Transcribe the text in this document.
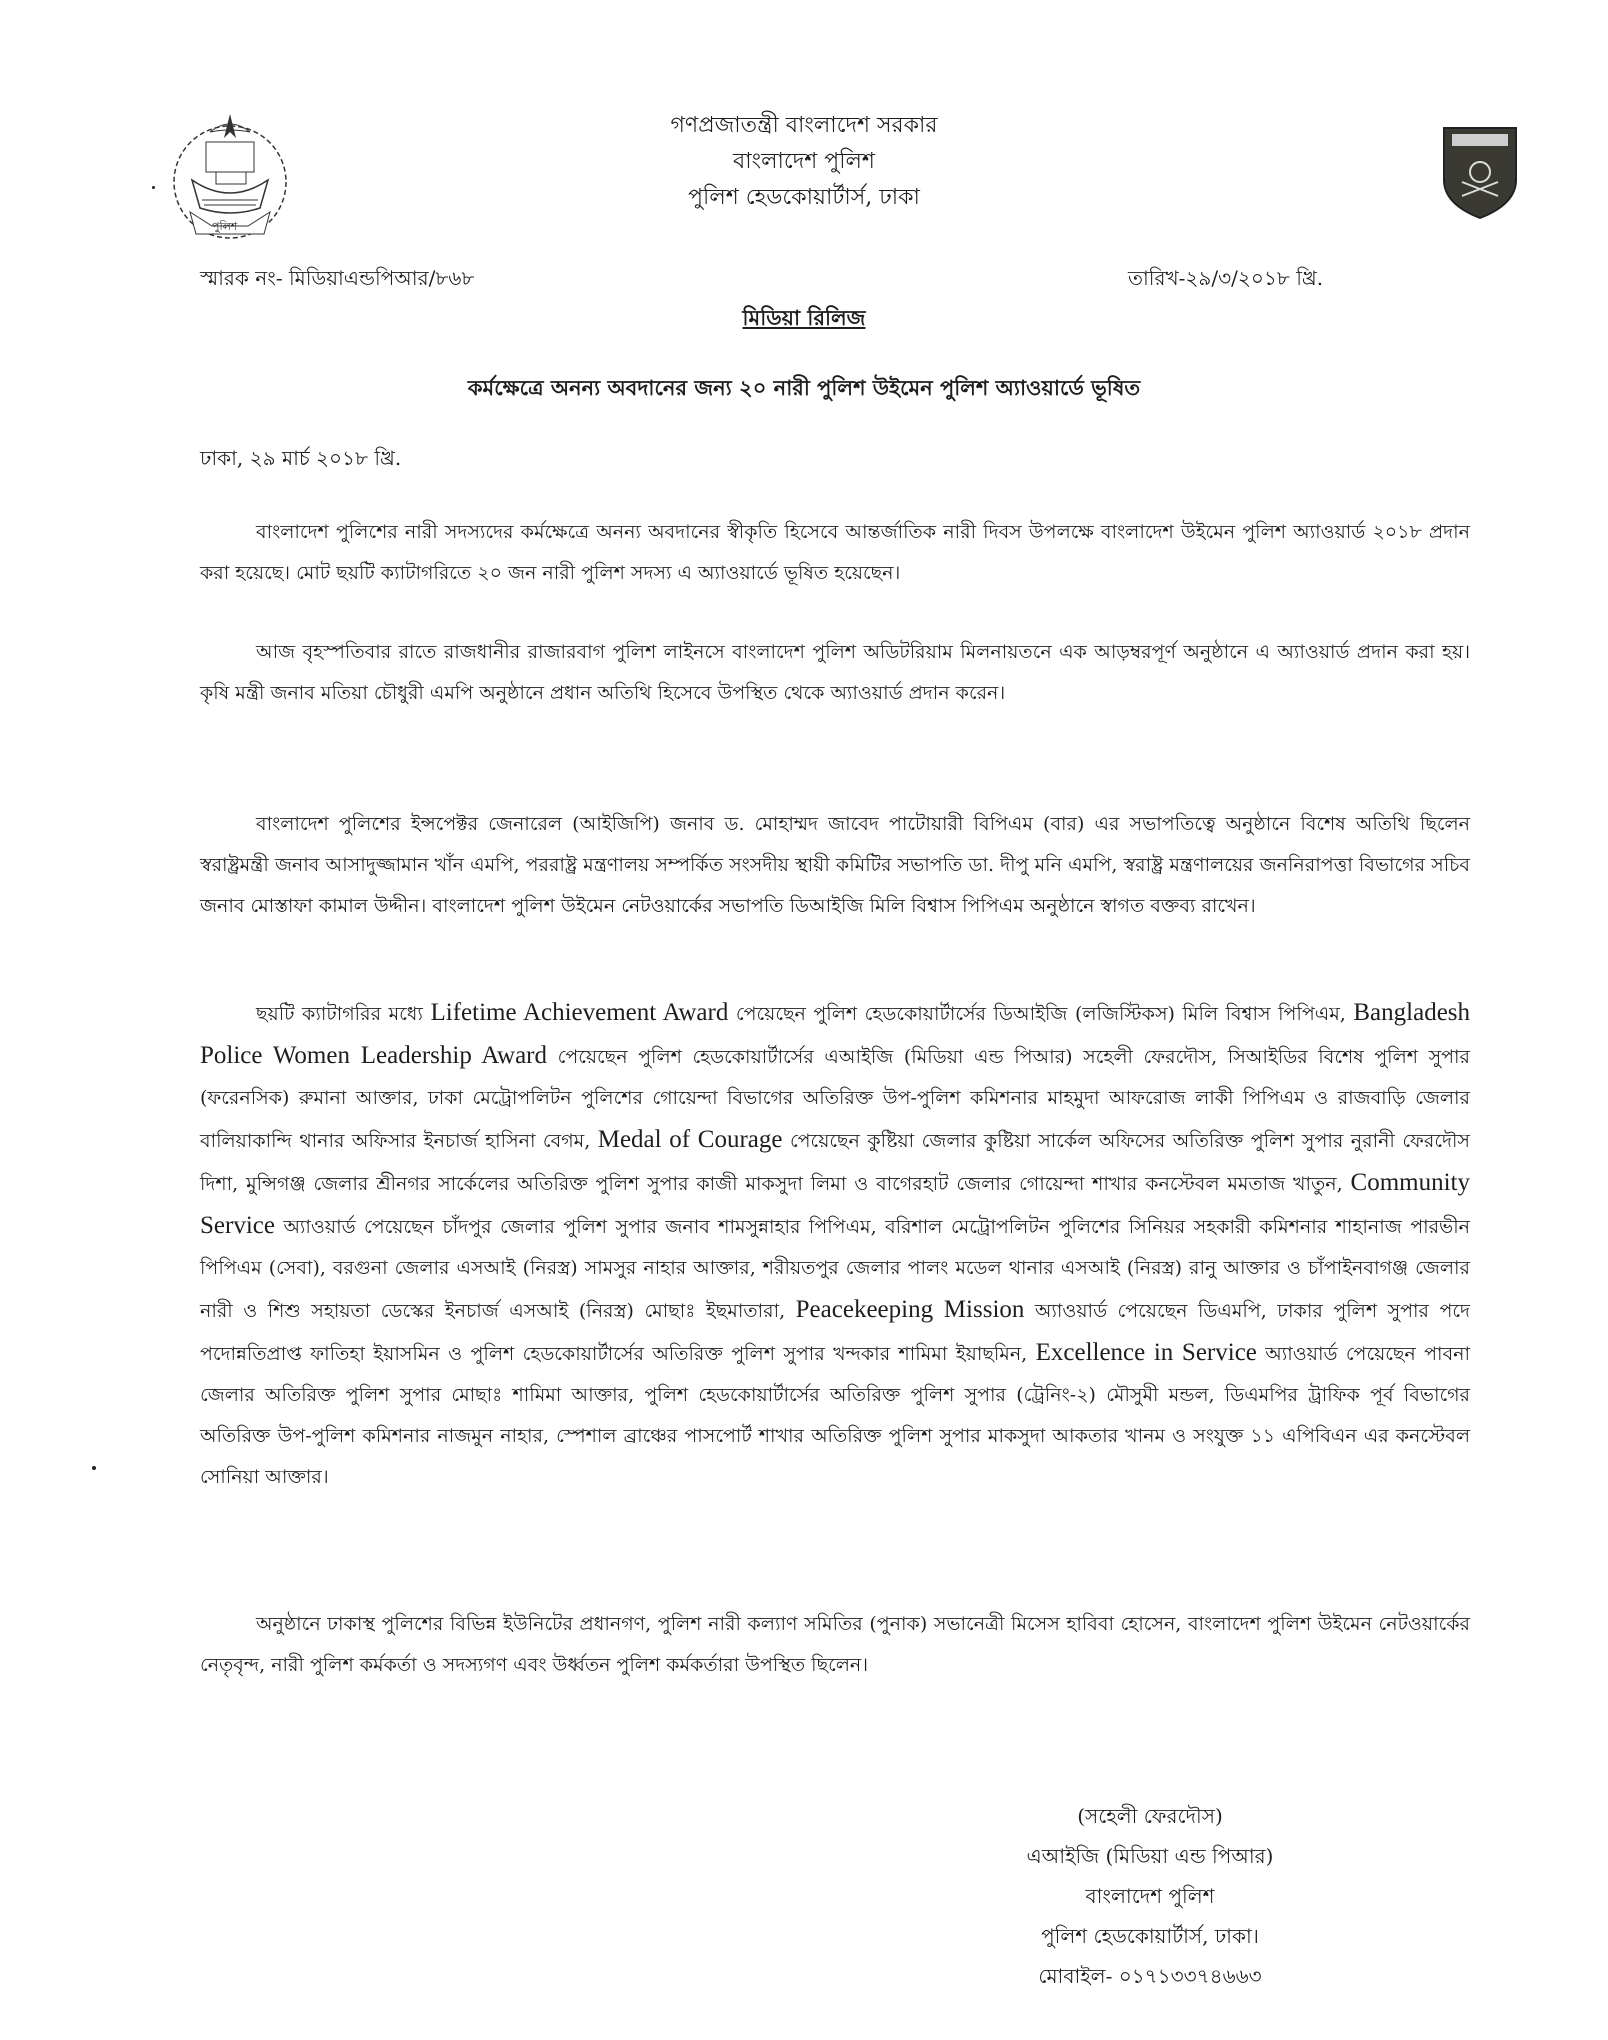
পুলিশ
গণপ্রজাতন্ত্রী বাংলাদেশ সরকার
বাংলাদেশ পুলিশ
পুলিশ হেডকোয়ার্টার্স, ঢাকা
স্মারক নং- মিডিয়াএন্ডপিআর/৮৬৮	তারিখ-২৯/৩/২০১৮ খ্রি.
মিডিয়া রিলিজ
কর্মক্ষেত্রে অনন্য অবদানের জন্য ২০ নারী পুলিশ উইমেন পুলিশ অ্যাওয়ার্ডে ভূষিত
ঢাকা, ২৯ মার্চ ২০১৮ খ্রি.
বাংলাদেশ পুলিশের নারী সদস্যদের কর্মক্ষেত্রে অনন্য অবদানের স্বীকৃতি হিসেবে আন্তর্জাতিক নারী দিবস উপলক্ষে বাংলাদেশ উইমেন পুলিশ অ্যাওয়ার্ড ২০১৮ প্রদান করা হয়েছে। মোট ছয়টি ক্যাটাগরিতে ২০ জন নারী পুলিশ সদস্য এ অ্যাওয়ার্ডে ভূষিত হয়েছেন।
আজ বৃহস্পতিবার রাতে রাজধানীর রাজারবাগ পুলিশ লাইনসে বাংলাদেশ পুলিশ অডিটরিয়াম মিলনায়তনে এক আড়ম্বরপূর্ণ অনুষ্ঠানে এ অ্যাওয়ার্ড প্রদান করা হয়। কৃষি মন্ত্রী জনাব মতিয়া চৌধুরী এমপি অনুষ্ঠানে প্রধান অতিথি হিসেবে উপস্থিত থেকে অ্যাওয়ার্ড প্রদান করেন।
বাংলাদেশ পুলিশের ইন্সপেক্টর জেনারেল (আইজিপি) জনাব ড. মোহাম্মদ জাবেদ পাটোয়ারী বিপিএম (বার) এর সভাপতিত্বে অনুষ্ঠানে বিশেষ অতিথি ছিলেন স্বরাষ্ট্রমন্ত্রী জনাব আসাদুজ্জামান খাঁন এমপি, পররাষ্ট্র মন্ত্রণালয় সম্পর্কিত সংসদীয় স্থায়ী কমিটির সভাপতি ডা. দীপু মনি এমপি, স্বরাষ্ট্র মন্ত্রণালয়ের জননিরাপত্তা বিভাগের সচিব জনাব মোস্তাফা কামাল উদ্দীন। বাংলাদেশ পুলিশ উইমেন নেটওয়ার্কের সভাপতি ডিআইজি মিলি বিশ্বাস পিপিএম অনুষ্ঠানে স্বাগত বক্তব্য রাখেন।
ছয়টি ক্যাটাগরির মধ্যে Lifetime Achievement Award পেয়েছেন পুলিশ হেডকোয়ার্টার্সের ডিআইজি (লজিস্টিকস) মিলি বিশ্বাস পিপিএম, Bangladesh Police Women Leadership Award পেয়েছেন পুলিশ হেডকোয়ার্টার্সের এআইজি (মিডিয়া এন্ড পিআর) সহেলী ফেরদৌস, সিআইডির বিশেষ পুলিশ সুপার (ফরেনসিক) রুমানা আক্তার, ঢাকা মেট্রোপলিটন পুলিশের গোয়েন্দা বিভাগের অতিরিক্ত উপ-পুলিশ কমিশনার মাহমুদা আফরোজ লাকী পিপিএম ও রাজবাড়ি জেলার বালিয়াকান্দি থানার অফিসার ইনচার্জ হাসিনা বেগম, Medal of Courage পেয়েছেন কুষ্টিয়া জেলার কুষ্টিয়া সার্কেল অফিসের অতিরিক্ত পুলিশ সুপার নুরানী ফেরদৌস দিশা, মুন্সিগঞ্জ জেলার শ্রীনগর সার্কেলের অতিরিক্ত পুলিশ সুপার কাজী মাকসুদা লিমা ও বাগেরহাট জেলার গোয়েন্দা শাখার কনস্টেবল মমতাজ খাতুন, Community Service অ্যাওয়ার্ড পেয়েছেন চাঁদপুর জেলার পুলিশ সুপার জনাব শামসুন্নাহার পিপিএম, বরিশাল মেট্রোপলিটন পুলিশের সিনিয়র সহকারী কমিশনার শাহানাজ পারভীন পিপিএম (সেবা), বরগুনা জেলার এসআই (নিরস্ত্র) সামসুর নাহার আক্তার, শরীয়তপুর জেলার পালং মডেল থানার এসআই (নিরস্ত্র) রানু আক্তার ও চাঁপাইনবাগঞ্জ জেলার নারী ও শিশু সহায়তা ডেস্কের ইনচার্জ এসআই (নিরস্ত্র) মোছাঃ ইছমাতারা, Peacekeeping Mission অ্যাওয়ার্ড পেয়েছেন ডিএমপি, ঢাকার পুলিশ সুপার পদে পদোন্নতিপ্রাপ্ত ফাতিহা ইয়াসমিন ও পুলিশ হেডকোয়ার্টার্সের অতিরিক্ত পুলিশ সুপার খন্দকার শামিমা ইয়াছমিন, Excellence in Service অ্যাওয়ার্ড পেয়েছেন পাবনা জেলার অতিরিক্ত পুলিশ সুপার মোছাঃ শামিমা আক্তার, পুলিশ হেডকোয়ার্টার্সের অতিরিক্ত পুলিশ সুপার (ট্রেনিং-২) মৌসুমী মন্ডল, ডিএমপির ট্রাফিক পূর্ব বিভাগের অতিরিক্ত উপ-পুলিশ কমিশনার নাজমুন নাহার, স্পেশাল ব্রাঞ্চের পাসপোর্ট শাখার অতিরিক্ত পুলিশ সুপার মাকসুদা আকতার খানম ও সংযুক্ত ১১ এপিবিএন এর কনস্টেবল সোনিয়া আক্তার।
অনুষ্ঠানে ঢাকাস্থ পুলিশের বিভিন্ন ইউনিটের প্রধানগণ, পুলিশ নারী কল্যাণ সমিতির (পুনাক) সভানেত্রী মিসেস হাবিবা হোসেন, বাংলাদেশ পুলিশ উইমেন নেটওয়ার্কের নেতৃবৃন্দ, নারী পুলিশ কর্মকর্তা ও সদস্যগণ এবং উর্ধ্বতন পুলিশ কর্মকর্তারা উপস্থিত ছিলেন।
(সহেলী ফেরদৌস)
এআইজি (মিডিয়া এন্ড পিআর)
বাংলাদেশ পুলিশ
পুলিশ হেডকোয়ার্টার্স, ঢাকা।
মোবাইল- ০১৭১৩৩৭৪৬৬৩
